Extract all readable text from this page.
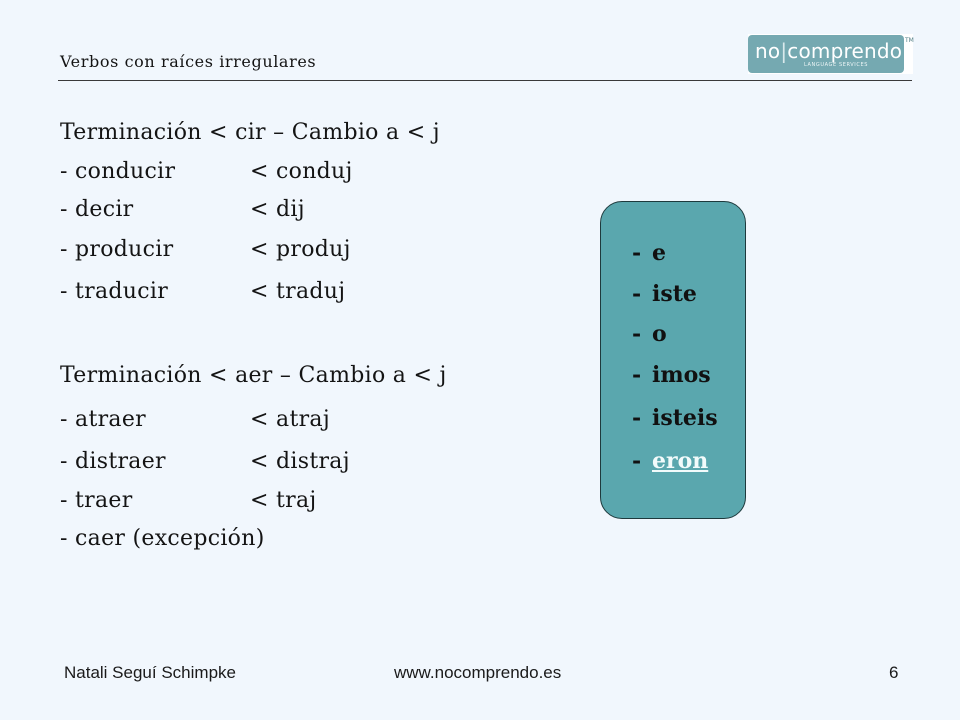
Verbos con raíces irregulares	no|comprendo
LANGUAGE SERVICES
TM
Terminación < cir – Cambio a < j
- conducir	< conduj
- decir	< dij
- producir	< produj
- traducir	< traduj
Terminación < aer – Cambio a < j
- atraer	< atraj
- distraer	< distraj
- traer	< traj
- caer (excepción)
- e
- iste
- o
- imos
- isteis
- eron
Natali Seguí Schimpke	www.nocomprendo.es	6
